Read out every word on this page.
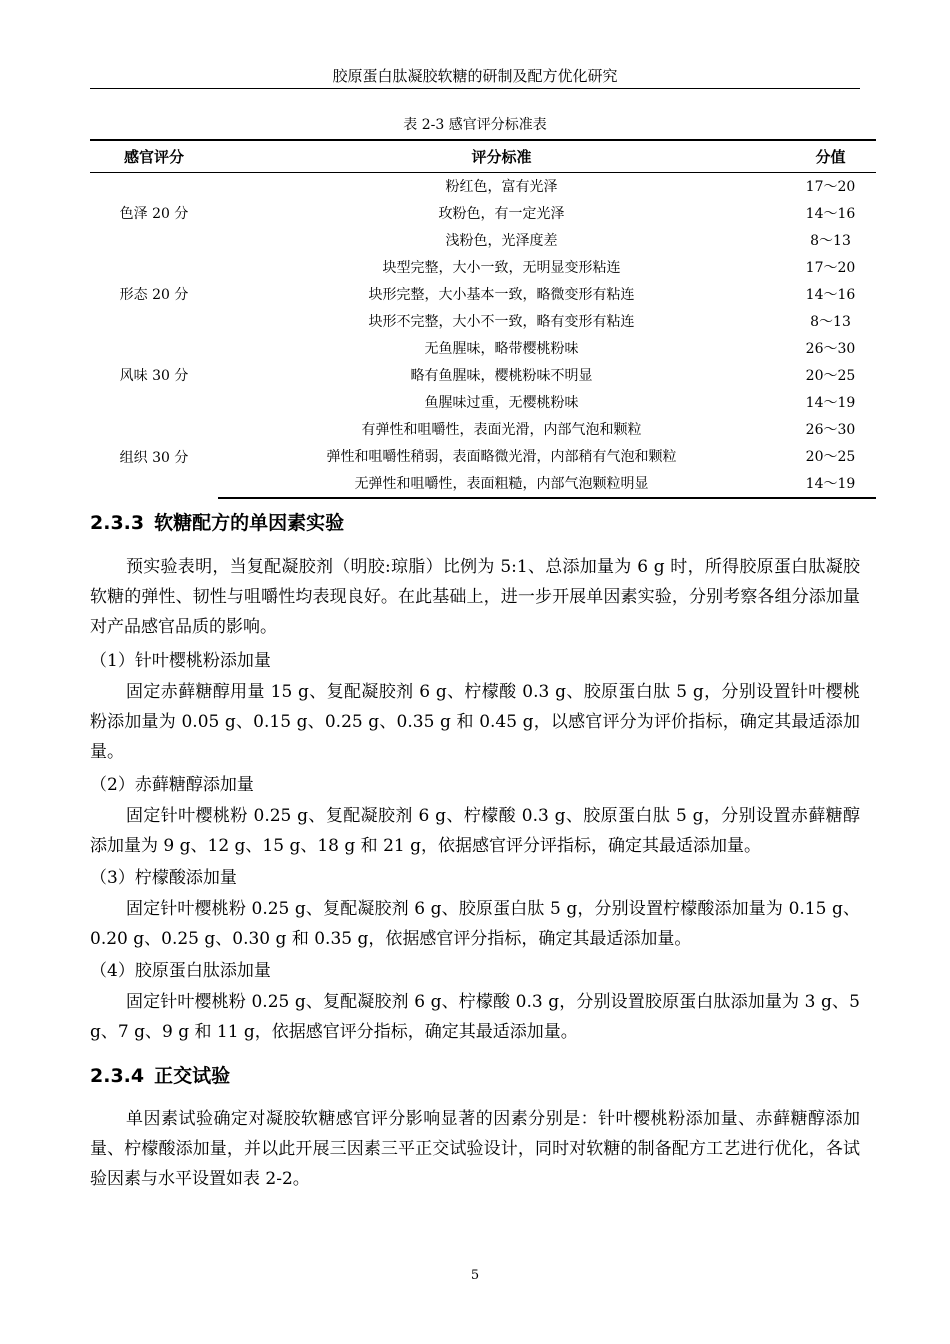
胶原蛋白肽凝胶软糖的研制及配方优化研究
表 2-3 感官评分标准表
感官评分	评分标准	分值
色泽 20 分	粉红色，富有光泽	17～20
	玫粉色，有一定光泽	14～16
	浅粉色，光泽度差	8～13
形态 20 分	块型完整，大小一致，无明显变形粘连	17～20
	块形完整，大小基本一致，略微变形有粘连	14～16
	块形不完整，大小不一致，略有变形有粘连	8～13
风味 30 分	无鱼腥味，略带樱桃粉味	26～30
	略有鱼腥味，樱桃粉味不明显	20～25
	鱼腥味过重，无樱桃粉味	14～19
组织 30 分	有弹性和咀嚼性，表面光滑，内部气泡和颗粒	26～30
	弹性和咀嚼性稍弱，表面略微光滑，内部稍有气泡和颗粒	20～25
	无弹性和咀嚼性，表面粗糙，内部气泡颗粒明显	14～19
2.3.3 软糖配方的单因素实验

预实验表明，当复配凝胶剂（明胶:琼脂）比例为 5:1、总添加量为 6 g 时，所得胶原蛋白肽凝胶软糖的弹性、韧性与咀嚼性均表现良好。在此基础上，进一步开展单因素实验，分别考察各组分添加量对产品感官品质的影响。

（1）针叶樱桃粉添加量

固定赤藓糖醇用量 15 g、复配凝胶剂 6 g、柠檬酸 0.3 g、胶原蛋白肽 5 g，分别设置针叶樱桃粉添加量为 0.05 g、0.15 g、0.25 g、0.35 g 和 0.45 g，以感官评分为评价指标，确定其最适添加量。

（2）赤藓糖醇添加量

固定针叶樱桃粉 0.25 g、复配凝胶剂 6 g、柠檬酸 0.3 g、胶原蛋白肽 5 g，分别设置赤藓糖醇添加量为 9 g、12 g、15 g、18 g 和 21 g，依据感官评分评指标，确定其最适添加量。

（3）柠檬酸添加量

固定针叶樱桃粉 0.25 g、复配凝胶剂 6 g、胶原蛋白肽 5 g，分别设置柠檬酸添加量为 0.15 g、0.20 g、0.25 g、0.30 g 和 0.35 g，依据感官评分指标，确定其最适添加量。

（4）胶原蛋白肽添加量

固定针叶樱桃粉 0.25 g、复配凝胶剂 6 g、柠檬酸 0.3 g，分别设置胶原蛋白肽添加量为 3 g、5 g、7 g、9 g 和 11 g，依据感官评分指标，确定其最适添加量。

2.3.4 正交试验

单因素试验确定对凝胶软糖感官评分影响显著的因素分别是：针叶樱桃粉添加量、赤藓糖醇添加量、柠檬酸添加量，并以此开展三因素三平正交试验设计，同时对软糖的制备配方工艺进行优化，各试验因素与水平设置如表 2-2。

5
